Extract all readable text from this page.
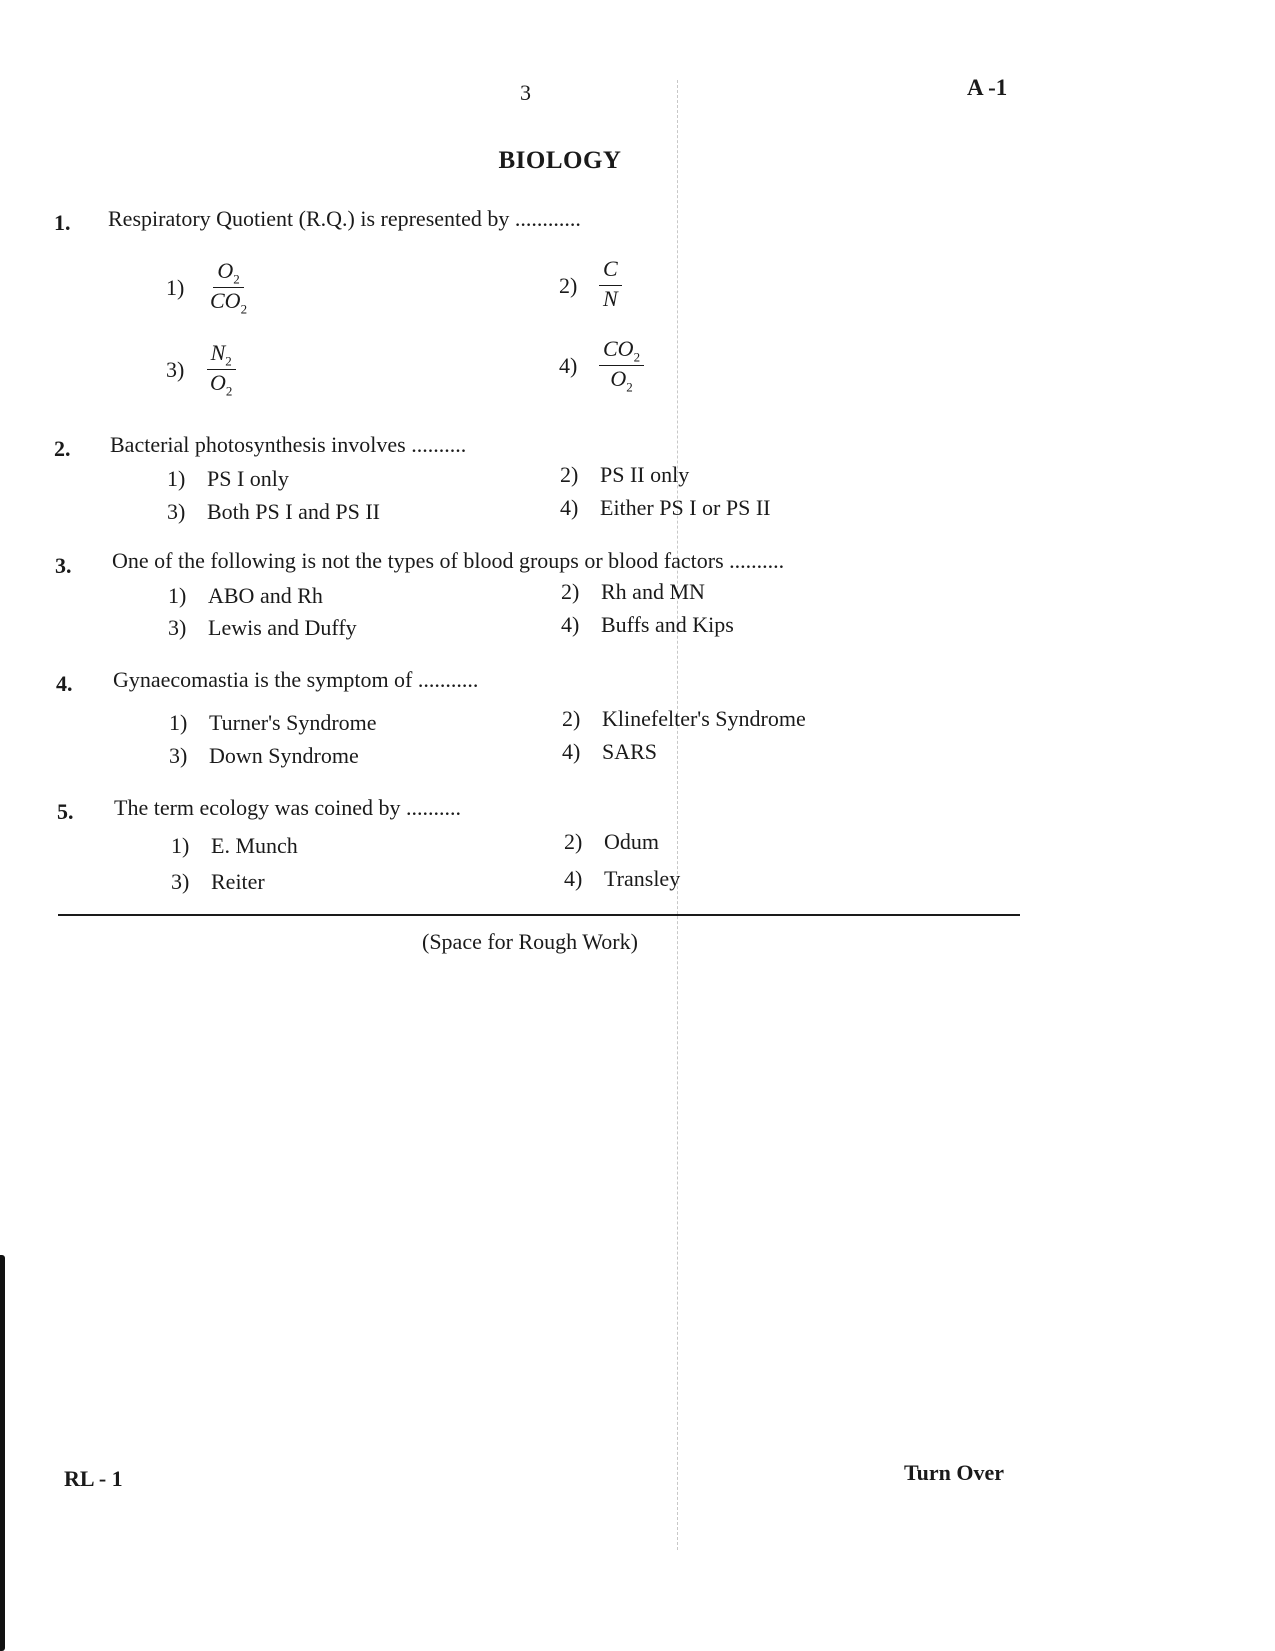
3	A -1
BIOLOGY
1. Respiratory Quotient (R.Q.) is represented by ............
$1) \frac{O_2}{CO_2}$	$2) \frac{C}{N}$
$3) \frac{N_2}{O_2}$	$4) \frac{CO_2}{O_2}$
2. Bacterial photosynthesis involves ..........
1) PS I only	2) PS II only
3) Both PS I and PS II	4) Either PS I or PS II
3. One of the following is not the types of blood groups or blood factors ..........
1) ABO and Rh	2) Rh and MN
3) Lewis and Duffy	4) Buffs and Kips
4. Gynaecomastia is the symptom of ...........
1) Turner's Syndrome	2) Klinefelter's Syndrome
3) Down Syndrome	4) SARS
5. The term ecology was coined by ..........
1) E. Munch	2) Odum
3) Reiter	4) Transley
(Space for Rough Work)
RL - 1	Turn Over
